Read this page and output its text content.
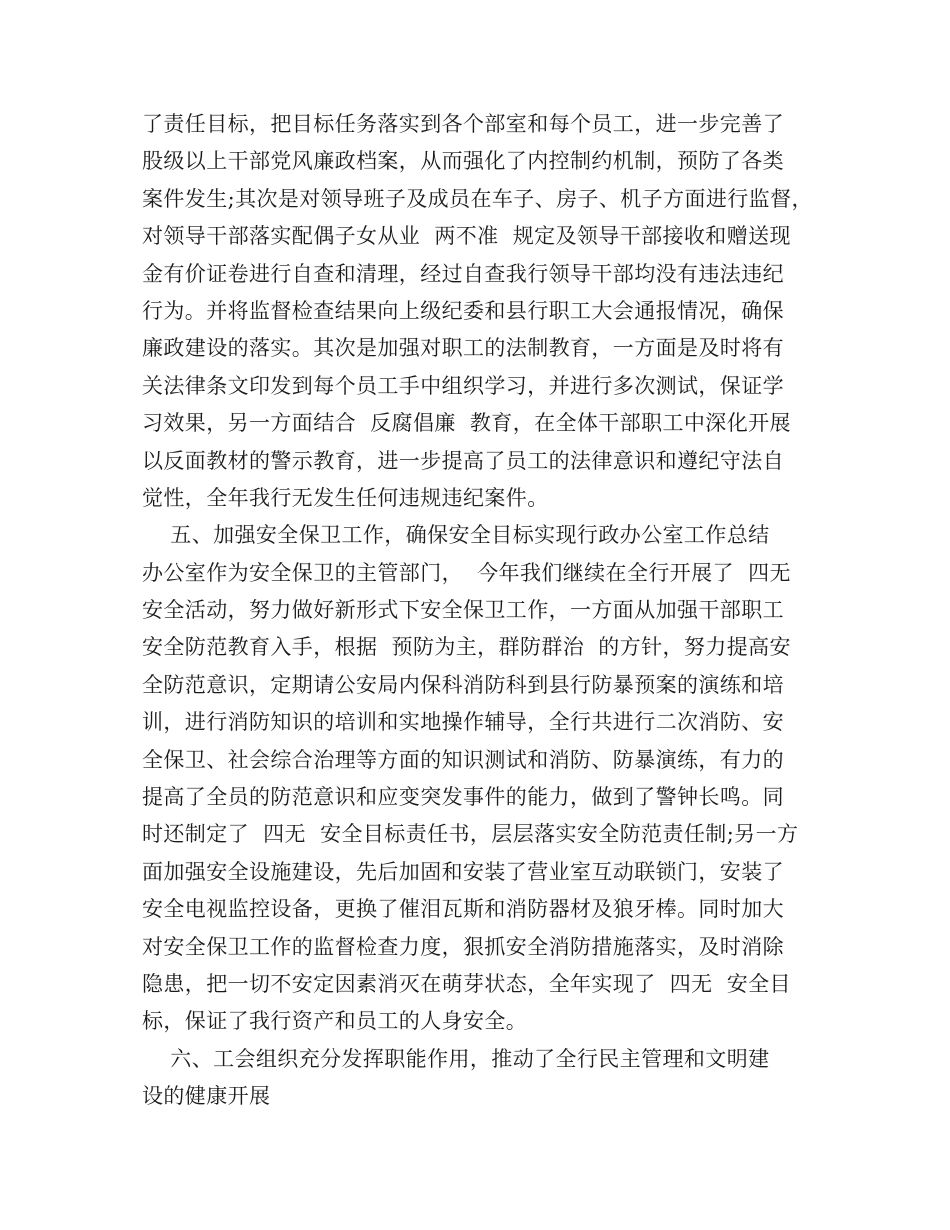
了责任目标，把目标任务落实到各个部室和每个员工，进一步完善了
股级以上干部党风廉政档案，从而强化了内控制约机制，预防了各类
案件发生;其次是对领导班子及成员在车子、房子、机子方面进行监督，
对领导干部落实配偶子女从业  两不准  规定及领导干部接收和赠送现
金有价证卷进行自查和清理，经过自查我行领导干部均没有违法违纪
行为。并将监督检查结果向上级纪委和县行职工大会通报情况，确保
廉政建设的落实。其次是加强对职工的法制教育，一方面是及时将有
关法律条文印发到每个员工手中组织学习，并进行多次测试，保证学
习效果，另一方面结合  反腐倡廉  教育，在全体干部职工中深化开展
以反面教材的警示教育，进一步提高了员工的法律意识和遵纪守法自
觉性，全年我行无发生任何违规违纪案件。
五、加强安全保卫工作，确保安全目标实现行政办公室工作总结
办公室作为安全保卫的主管部门，  今年我们继续在全行开展了  四无
安全活动，努力做好新形式下安全保卫工作，一方面从加强干部职工
安全防范教育入手，根据  预防为主，群防群治  的方针，努力提高安
全防范意识，定期请公安局内保科消防科到县行防暴预案的演练和培
训，进行消防知识的培训和实地操作辅导，全行共进行二次消防、安
全保卫、社会综合治理等方面的知识测试和消防、防暴演练，有力的
提高了全员的防范意识和应变突发事件的能力，做到了警钟长鸣。同
时还制定了  四无  安全目标责任书，层层落实安全防范责任制;另一方
面加强安全设施建设，先后加固和安装了营业室互动联锁门，安装了
安全电视监控设备，更换了催泪瓦斯和消防器材及狼牙棒。同时加大
对安全保卫工作的监督检查力度，狠抓安全消防措施落实，及时消除
隐患，把一切不安定因素消灭在萌芽状态，全年实现了  四无  安全目
标，保证了我行资产和员工的人身安全。
六、工会组织充分发挥职能作用，推动了全行民主管理和文明建
设的健康开展
